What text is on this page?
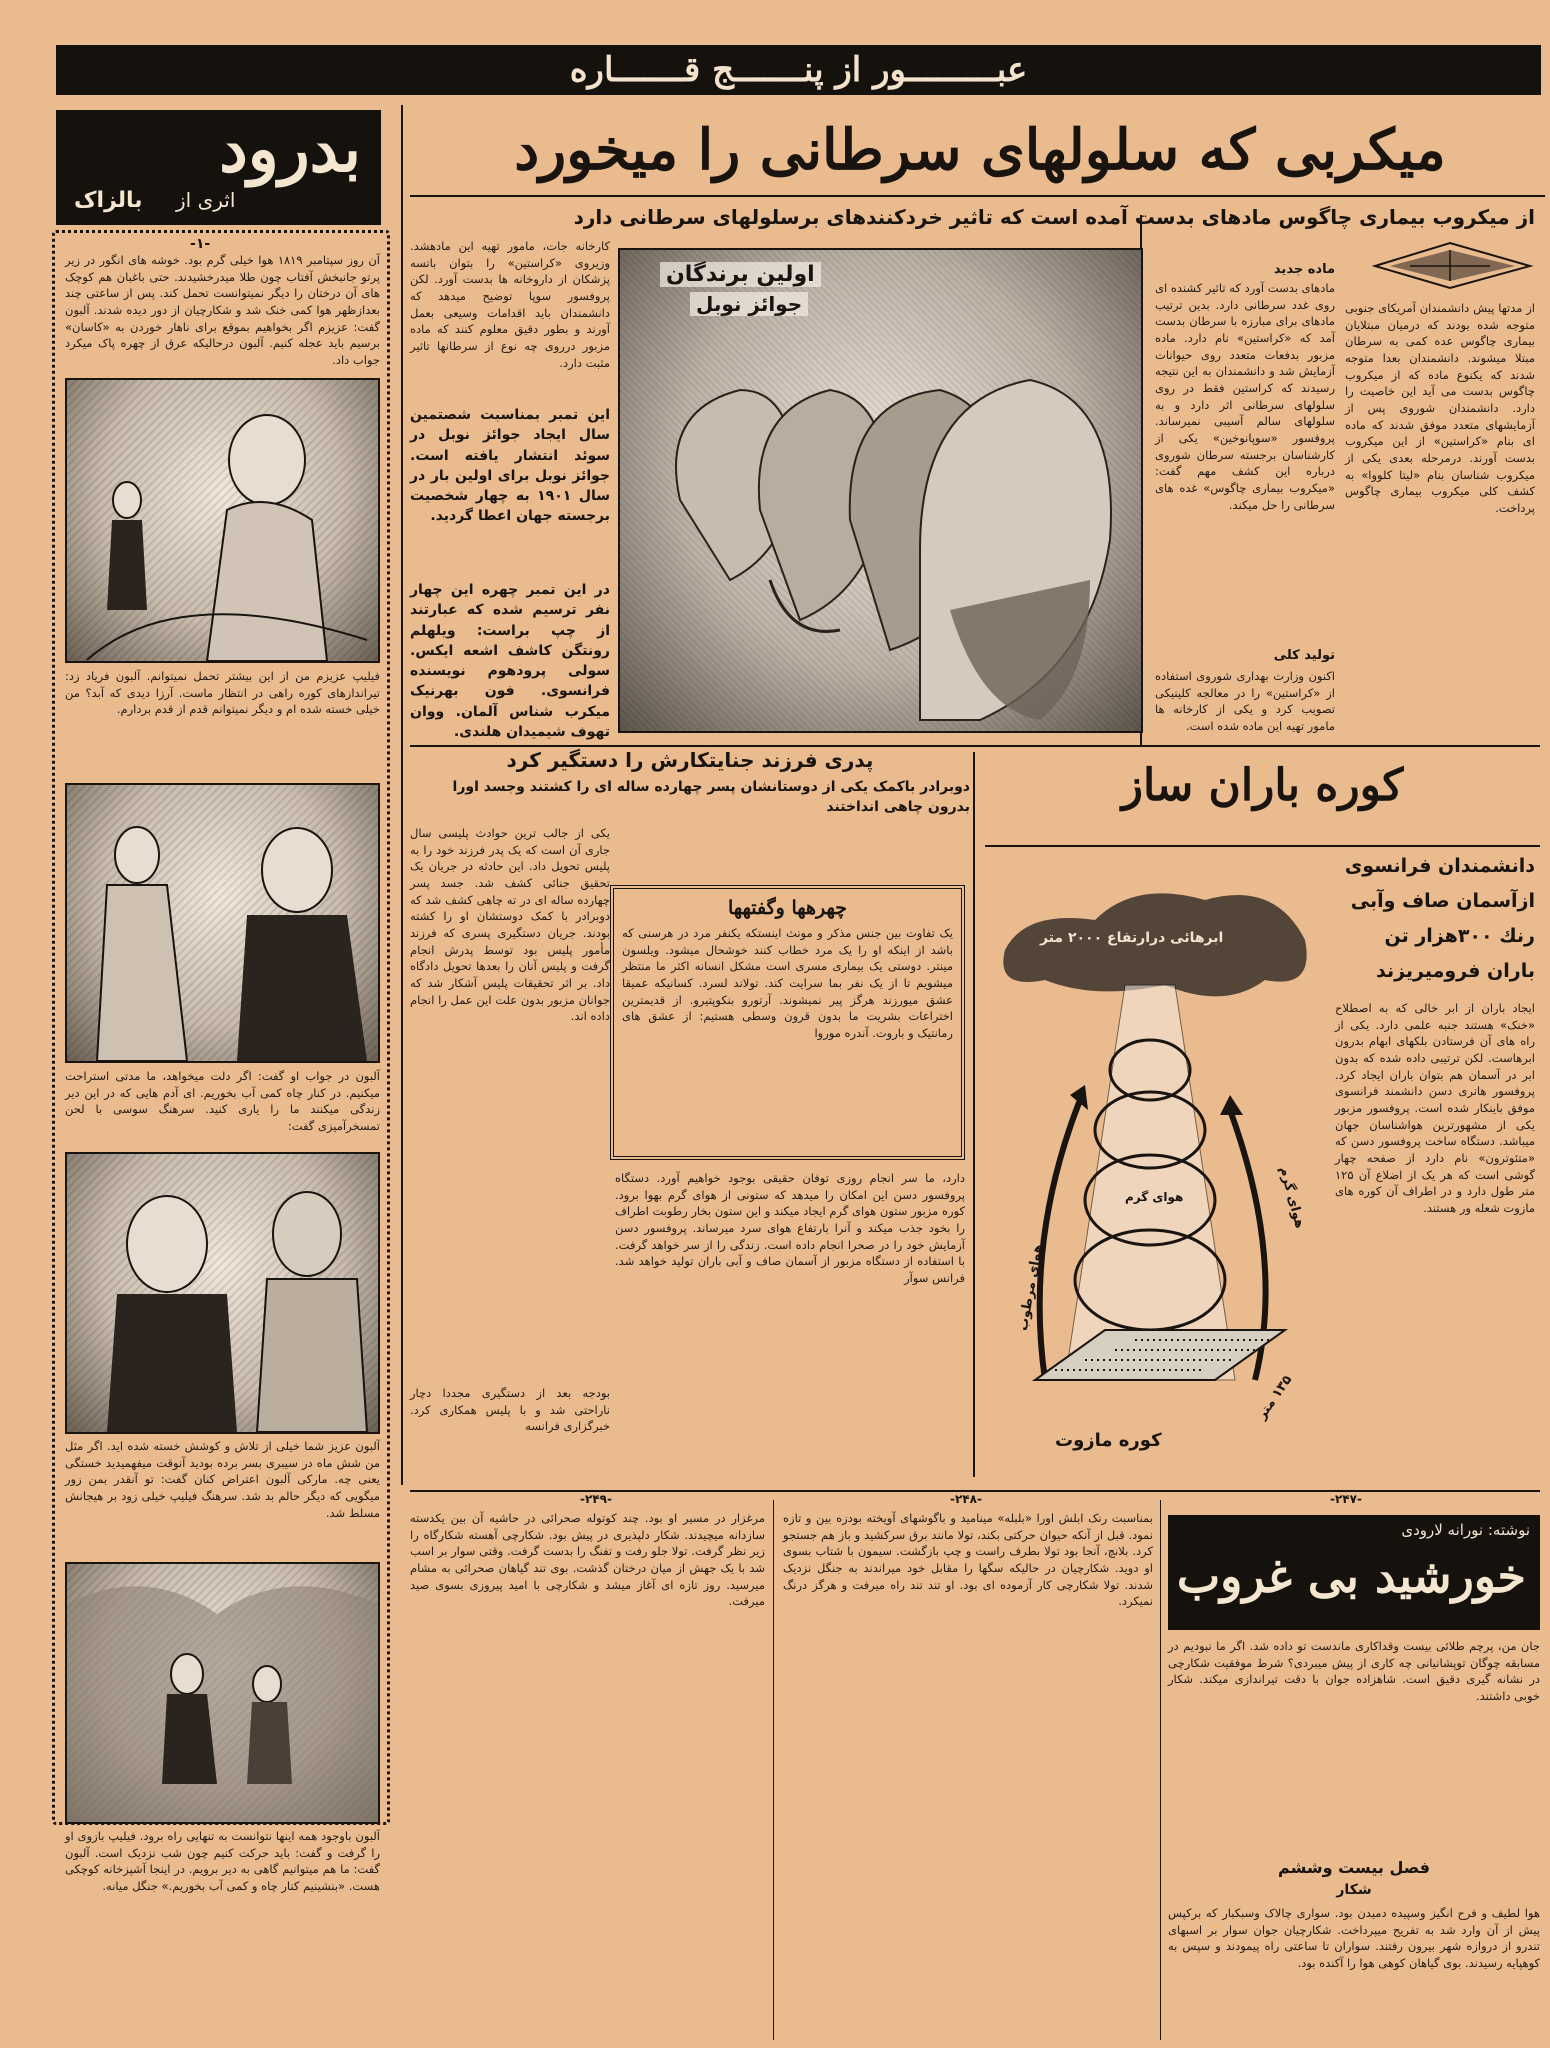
عبـــــــــور از پنـــــــج قـــــــاره
بدرود
اثری از
بالزاک
-۱-
آن روز سپتامبر ۱۸۱۹ هوا خیلی گرم بود. خوشه های انگور در زیر پرتو جانبخش آفتاب چون طلا میدرخشیدند. حتی باغبان هم کوچک های آن درختان را دیگر نمیتوانست تحمل کند. پس از ساعتی چند بعدازظهر هوا کمی خنک شد و شکارچیان از دور دیده شدند. آلبون گفت: عزیزم اگر بخواهیم بموقع برای ناهار خوردن به «کاسان» برسیم باید عجله کنیم. آلبون درحالیکه عرق از چهره پاک میکرد جواب داد.
فیلیپ عزیزم من از این بیشتر تحمل نمیتوانم. آلبون فریاد زد: تیراندازهای کوره راهی در انتظار ماست. آرزا دیدی که آبد؟ من خیلی خسته شده ام و دیگر نمیتوانم قدم از قدم بردارم.
آلبون در جواب او گفت: اگر دلت میخواهد، ما مدتی استراحت میکنیم. در کنار چاه کمی آب بخوریم. ای آدم هایی که در این دیر زندگی میکنند ما را یاری کنید. سرهنگ سوسی با لحن تمسخرآمیزی گفت:
آلبون عزیز شما خیلی از تلاش و کوشش خسته شده اید. اگر مثل من شش ماه در سیبری بسر برده بودید آنوقت میفهمیدید خستگی یعنی چه. مارکی آلبون اعتراض کنان گفت: تو آنقدر بمن زور میگویی که دیگر حالم بد شد. سرهنگ فیلیپ خیلی زود بر هیجانش مسلط شد.
آلبون باوجود همه اینها نتوانست به تنهایی راه برود. فیلیپ بازوی او را گرفت و گفت: باید حرکت کنیم چون شب نزدیک است. آلبون گفت: ما هم میتوانیم گاهی به دیر برویم. در اینجا آشپزخانه کوچکی هست. «بنشینیم کنار چاه و کمی آب بخوریم.» جنگل میانه.
میکربی که سلولهای سرطانی را میخورد
از میکروب بیماری چاگوس مادهای بدست آمده است که تاثیر خردکنندهای برسلولهای سرطانی دارد
کارخانه جات، مامور تهیه این مادهشد. وزیروی «کراستین» را بتوان باتسه پزشکان از داروخانه ها بدست آورد. لکن پروفسور سوپا توضیح میدهد که دانشمندان باید اقدامات وسیعی بعمل آورند و بطور دقیق معلوم کنند که ماده مزبور درروی چه نوع از سرطانها تاثیر مثبت دارد.
این تمبر بمناسبت شصتمین سال ایجاد جوائز نوبل در سوئد انتشار یافته است. جوائز نوبل برای اولین بار در سال ۱۹۰۱ به چهار شخصیت برجسته جهان اعطا گردید.
در این تمبر چهره این چهار نفر ترسیم شده که عبارتند از چپ براست: ویلهلم رونتگن کاشف اشعه ایکس. سولی پرودهوم نویسنده فرانسوی. فون بهرنیک میکرب شناس آلمان. ووان تهوف شیمیدان هلندی.
اولین برندگان
جوائز نوبل	از مدتها پیش دانشمندان آمریکای جنوبی متوجه شده بودند که درمیان مبتلایان بیماری چاگوس عده کمی به سرطان مبتلا میشوند. دانشمندان بعدا متوجه شدند که یکنوع ماده که از میکروب چاگوس بدست می آید این خاصیت را دارد. دانشمندان شوروی پس از آزمایشهای متعدد موفق شدند که ماده ای بنام «کراستین» از این میکروب بدست آورند. درمرحله بعدی یکی از میکروب شناسان بنام «لیتا کلووا» به کشف کلی میکروب بیماری چاگوس پرداخت.
ماده جدید
مادهای بدست آورد که تاثیر کشنده ای روی غدد سرطانی دارد. بدین ترتیب مادهای برای مبارزه با سرطان بدست آمد که «کراستین» نام دارد. ماده مزبور بدفعات متعدد روی حیوانات آزمایش شد و دانشمندان به این نتیجه رسیدند که کراستین فقط در روی سلولهای سرطانی اثر دارد و به سلولهای سالم آسیبی نمیرساند. پروفسور «سوپانوخین» یکی از کارشناسان برجسته سرطان شوروی درباره این کشف مهم گفت: «میکروب بیماری چاگوس» غده های سرطانی را حل میکند.
تولید کلی
اکنون وزارت بهداری شوروی استفاده از «کراستین» را در معالجه کلینیکی تصویب کرد و یکی از کارخانه ها مامور تهیه این ماده شده است.
پدری فرزند جنایتکارش را دستگیر کرد
دوبرادر باکمک یکی از دوستانشان پسر چهارده ساله ای را کشتند وجسد اورا بدرون چاهی انداختند
یکی از جالب ترین حوادث پلیسی سال جاری آن است که یک پدر فرزند خود را به پلیس تحویل داد. این حادثه در جریان یک تحقیق جنائی کشف شد. جسد پسر چهارده ساله ای در ته چاهی کشف شد که دوبرادر با کمک دوستشان او را کشته بودند. جریان دستگیری پسری که فرزند مأمور پلیس بود توسط پدرش انجام گرفت و پلیس آنان را بعدها تحویل دادگاه داد. بر اثر تحقیقات پلیس آشکار شد که جوانان مزبور بدون علت این عمل را انجام داده اند.
بودجه بعد از دستگیری مجددا دچار ناراحتی شد و با پلیس همکاری کرد. خبرگزاری فرانسه
چهرهها وگفتهها
یک تفاوت بین جنس مذکر و مونث اینستکه یکنفر مرد در هرسنی که باشد از اینکه او را یک مرد خطاب کنند خوشحال میشود. ویلسون مینتر. دوستی یک بیماری مسری است مشکل انسانه اکثر ما منتظر میشویم تا از یک نفر بما سرایت کند. تولاند لسرد. کسانیکه عمیقا عشق میورزند هرگز پیر نمیشوند. آرتورو بنکوپتیرو. از قدیمترین اختراعات بشریت ما بدون قرون وسطی هستیم: از عشق های رمانتیک و باروت. آندره موروا
دارد، ما سر انجام روزی توفان حقیقی بوجود خواهیم آورد. دستگاه پروفسور دسن این امکان را میدهد که ستونی از هوای گرم بهوا برود. کوره مزبور ستون هوای گرم ایجاد میکند و این ستون بخار رطوبت اطراف را بخود جذب میکند و آنرا بارتفاع هوای سرد میرساند. پروفسور دسن آزمایش خود را در صحرا انجام داده است. زندگی را از سر خواهد گرفت. با استفاده از دستگاه مزبور از آسمان صاف و آبی باران تولید خواهد شد. فرانس سوآر
کوره باران ساز
دانشمندان فرانسوی
ازآسمان صاف وآبی
رنك ۳۰۰هزار تن
باران فرومیریزند
ایجاد باران از ابر خالی که به اصطلاح «خنک» هستند جنبه علمی دارد. یکی از راه های آن فرستادن بلکهای ابهام بدرون ابرهاست. لکن ترتیبی داده شده که بدون ابر در آسمان هم بتوان باران ایجاد کرد. پروفسور هانری دسن دانشمند فرانسوی موفق باینکار شده است. پروفسور مزبور یکی از مشهورترین هواشناسان جهان میباشد. دستگاه ساخت پروفسور دسن که «متئوترون» نام دارد از صفحه چهار گوشی است که هر یک از اضلاع آن ۱۲۵ متر طول دارد و در اطراف آن کوره های مازوت شعله ور هستند.
ابرهائی درارتفاع ۲۰۰۰ متر
هوای گرم
هوای مرطوب
هوای گرم
۱۳۵ متر
کوره مازوت
-۲۴۹-	-۲۴۸-	-۲۴۷-
مرغزار در مسیر او بود. چند کوتوله صحرائی در حاشیه آن بین یکدسته سازدانه میچیدند. شکار دلپذیری در پیش بود. شکارچی آهسته شکارگاه را زیر نظر گرفت. تولا جلو رفت و تفنگ را بدست گرفت. وقتی سوار بر اسب شد با یک جهش از میان درختان گذشت. بوی تند گیاهان صحرائی به مشام میرسید. روز تازه ای آغاز میشد و شکارچی با امید پیروزی بسوی صید میرفت.
بمناسبت رنک ابلش اورا «بلبله» مینامید و باگوشهای آویخته بودزه بین و تازه نمود. قبل از آنکه حیوان حرکتی بکند، تولا مانند برق سرکشید و باز هم جستجو کرد. بلانچ، آنجا بود تولا بطرف راست و چپ بازگشت. سیمون با شتاب بسوی او دوید. شکارچیان در حالیکه سگها را مقابل خود میراندند به جنگل نزدیک شدند. تولا شکارچی کار آزموده ای بود. او تند تند راه میرفت و هرگز درنگ نمیکرد.
نوشته: نورانه لارودی
خورشید بی غروب
جان من، پرچم طلائی بیست وقداکاری ماندست تو داده شد. اگر ما نبودیم در مسابقه چوگان توپشانیانی چه کاری از پیش میبردی؟ شرط موفقیت شکارچی در نشانه گیری دقیق است. شاهزاده جوان با دقت تیراندازی میکند. شکار خوبی داشتند.
فصل بیست وششم
شکار
هوا لطیف و فرح انگیز وسپیده دمیدن بود. سواری چالاک وسبکبار که برکپس پیش از آن وارد شد به تفریح میپرداخت. شکارچیان جوان سوار بر اسبهای تندرو از دروازه شهر بیرون رفتند. سواران تا ساعتی راه پیمودند و سپس به کوهپایه رسیدند. بوی گیاهان کوهی هوا را آکنده بود.
